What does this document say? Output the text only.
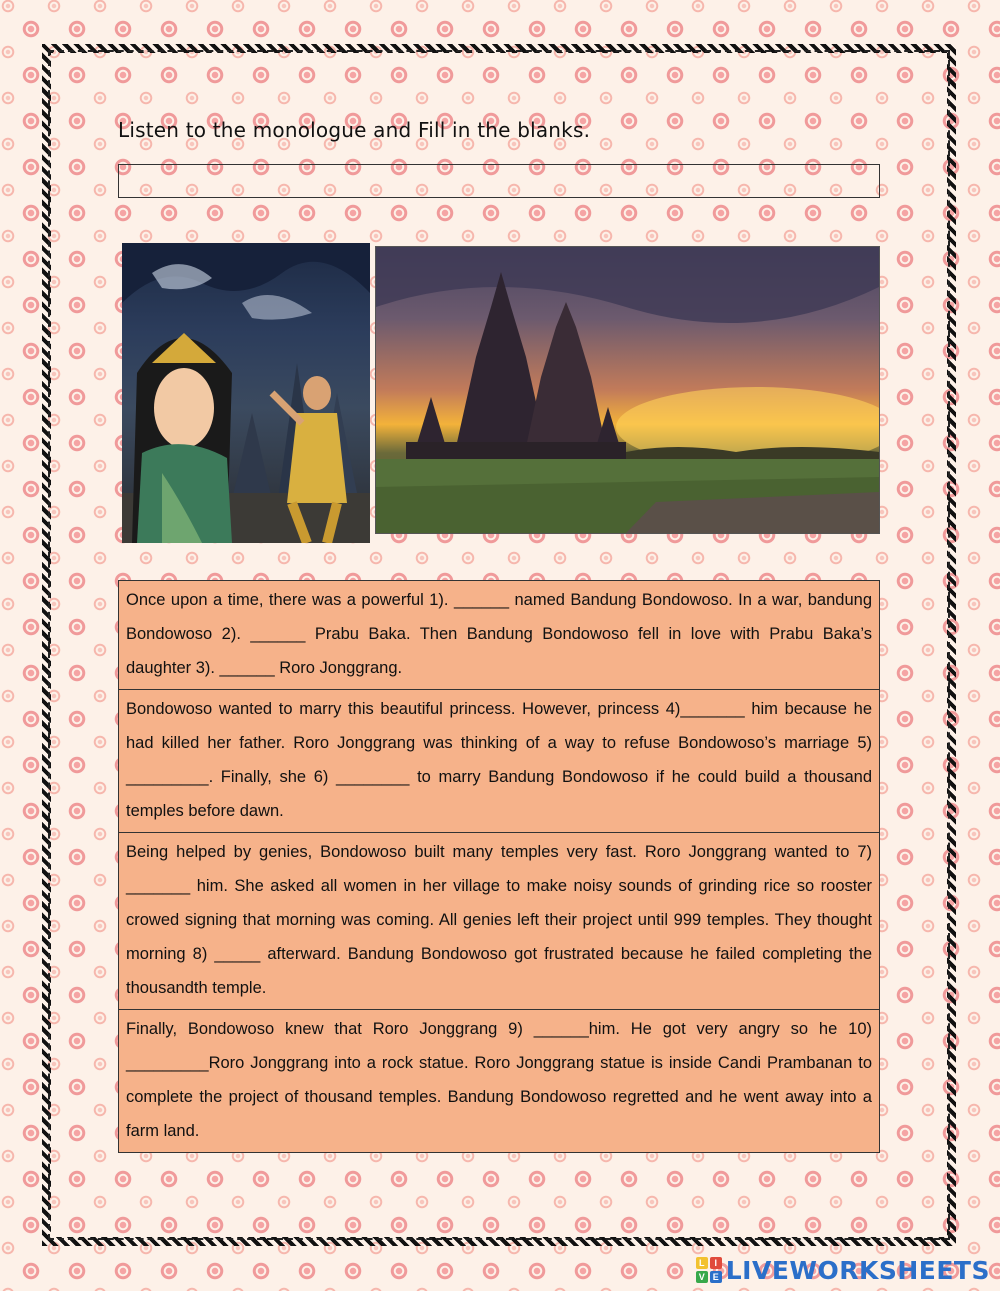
Listen to the monologue and Fill in the blanks.
Once upon a time, there was a powerful 1). ______ named Bandung Bondowoso. In a war, bandung Bondowoso 2). ______ Prabu Baka. Then Bandung Bondowoso fell in love with Prabu Baka’s daughter 3). ______ Roro Jonggrang.
Bondowoso wanted to marry this beautiful princess. However, princess 4)_______ him because he had killed her father. Roro Jonggrang was thinking of a way to refuse Bondowoso’s marriage 5) _________. Finally, she 6) ________ to marry Bandung Bondowoso if he could build a thousand temples before dawn.
Being helped by genies, Bondowoso built many temples very fast. Roro Jonggrang wanted to 7) _______ him. She asked all women in her village to make noisy sounds of grinding rice so rooster crowed signing that morning was coming. All genies left their project until 999 temples. They thought morning 8) _____ afterward. Bandung Bondowoso got frustrated because he failed completing the thousandth temple.
Finally, Bondowoso knew that Roro Jonggrang 9) ______him. He got very angry so he 10) _________Roro Jonggrang into a rock statue. Roro Jonggrang statue is inside Candi Prambanan to complete the project of thousand temples. Bandung Bondowoso regretted and he went away into a farm land.
L	I
V E LIVEWORKSHEETS
